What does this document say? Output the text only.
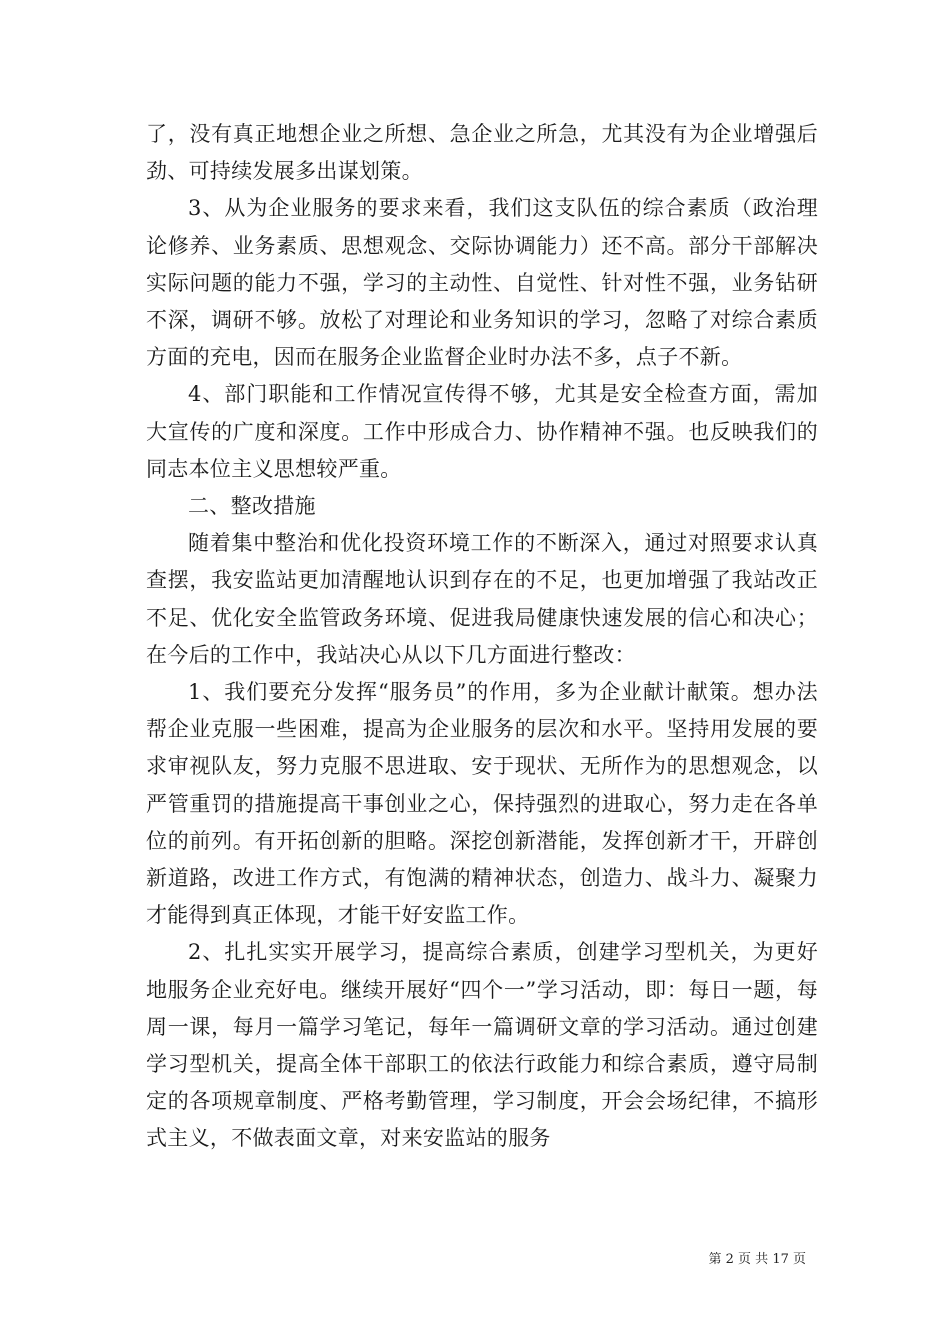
了，没有真正地想企业之所想、急企业之所急，尤其没有为企业增强后劲、可持续发展多出谋划策。

3、从为企业服务的要求来看，我们这支队伍的综合素质（政治理论修养、业务素质、思想观念、交际协调能力）还不高。部分干部解决实际问题的能力不强，学习的主动性、自觉性、针对性不强，业务钻研不深，调研不够。放松了对理论和业务知识的学习，忽略了对综合素质方面的充电，因而在服务企业监督企业时办法不多，点子不新。

4、部门职能和工作情况宣传得不够，尤其是安全检查方面，需加大宣传的广度和深度。工作中形成合力、协作精神不强。也反映我们的同志本位主义思想较严重。

二、整改措施

随着集中整治和优化投资环境工作的不断深入，通过对照要求认真查摆，我安监站更加清醒地认识到存在的不足，也更加增强了我站改正不足、优化安全监管政务环境、促进我局健康快速发展的信心和决心；在今后的工作中，我站决心从以下几方面进行整改：

1、我们要充分发挥“服务员”的作用，多为企业献计献策。想办法帮企业克服一些困难，提高为企业服务的层次和水平。坚持用发展的要求审视队友，努力克服不思进取、安于现状、无所作为的思想观念，以严管重罚的措施提高干事创业之心，保持强烈的进取心，努力走在各单位的前列。有开拓创新的胆略。深挖创新潜能，发挥创新才干，开辟创新道路，改进工作方式，有饱满的精神状态，创造力、战斗力、凝聚力才能得到真正体现，才能干好安监工作。

2、扎扎实实开展学习，提高综合素质，创建学习型机关，为更好地服务企业充好电。继续开展好“四个一”学习活动，即：每日一题，每周一课，每月一篇学习笔记，每年一篇调研文章的学习活动。通过创建学习型机关，提高全体干部职工的依法行政能力和综合素质，遵守局制定的各项规章制度、严格考勤管理，学习制度，开会会场纪律，不搞形式主义，不做表面文章，对来安监站的服务

第 2 页 共 17 页
